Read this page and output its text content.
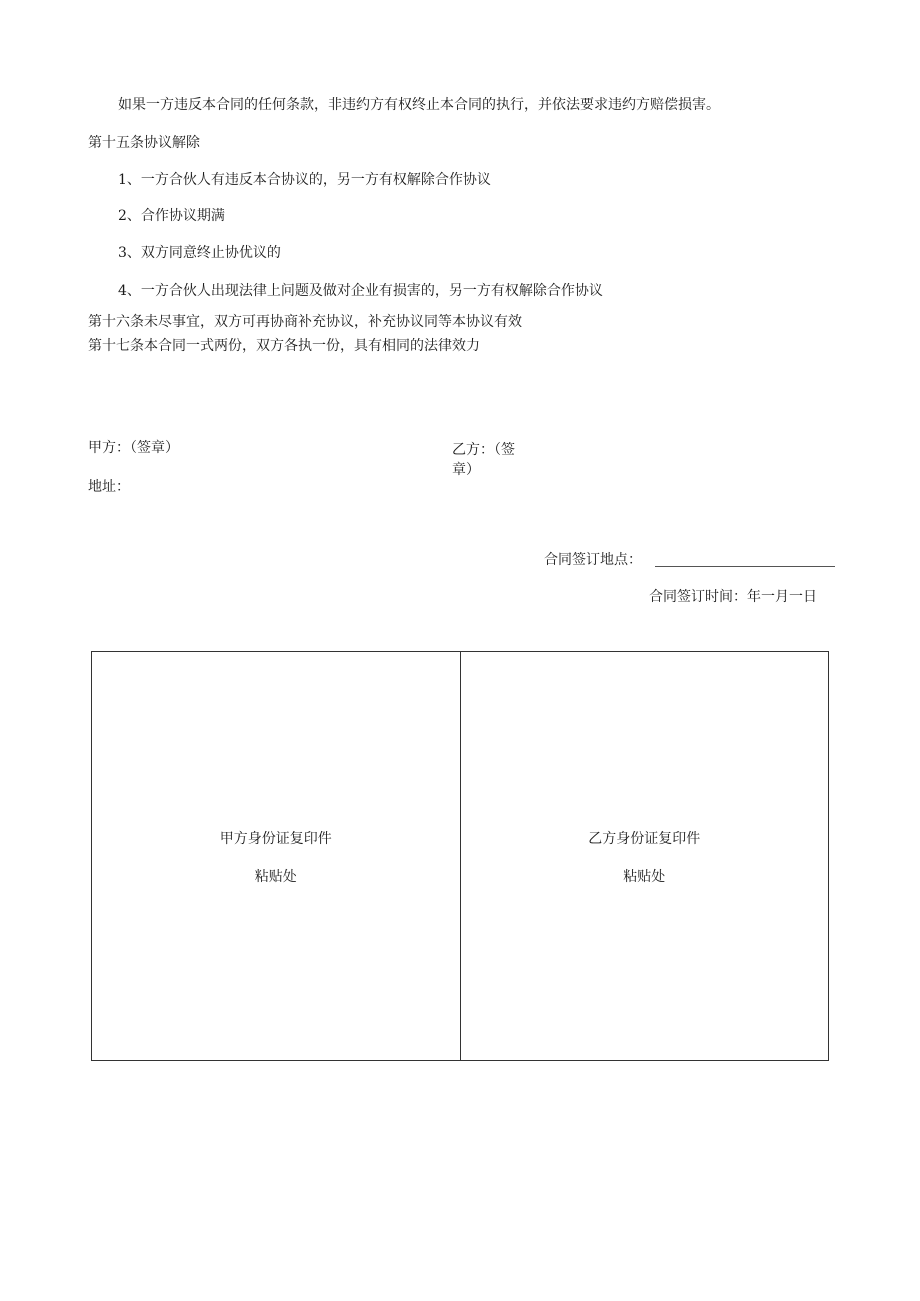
如果一方违反本合同的任何条款，非违约方有权终止本合同的执行，并依法要求违约方赔偿损害。
第十五条协议解除
1、一方合伙人有违反本合协议的，另一方有权解除合作协议
2、合作协议期满
3、双方同意终止协优议的
4、一方合伙人出现法律上问题及做对企业有损害的，另一方有权解除合作协议
第十六条未尽事宜，双方可再协商补充协议，补充协议同等本协议有效
第十七条本合同一式两份，双方各执一份，具有相同的法律效力
甲方：（签章）	乙方：（签
章）
地址：
合同签订地点：
合同签订时间：年一月一日
甲方身份证复印件
粘贴处
乙方身份证复印件
粘贴处
